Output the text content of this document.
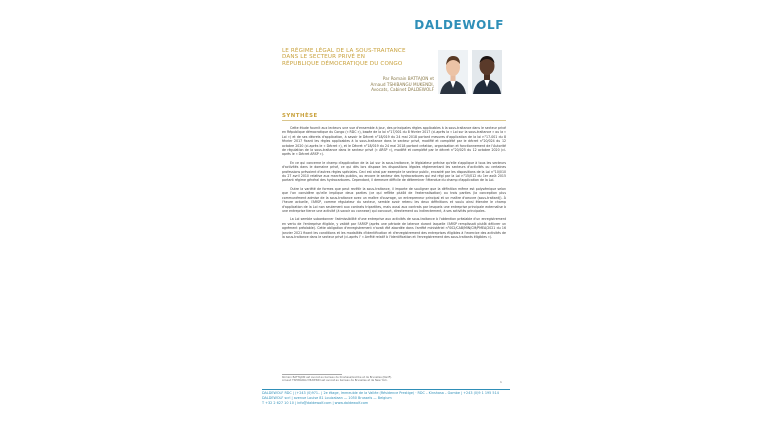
DALDEWOLF
LE RÉGIME LÉGAL DE LA SOUS-TRAITANCE
DANS LE SECTEUR PRIVÉ EN
RÉPUBLIQUE DÉMOCRATIQUE DU CONGO
Par Romain BATTAJON et
Arnaud TSHIBANGU MUKENDI,
Avocats, Cabinet DALDEWOLF
SYNTHÈSE

Cette étude fournit aux lecteurs une vue d'ensemble à jour, des principales règles applicables à la sous-traitance dans le secteur privé en République démocratique du Congo (« RDC »), basée de la loi n°17/001 du 8 février 2017 (ci-après la « Loi sur la sous-traitance » ou la « Loi ») et de ses décrets d'application, à savoir le Décret n°18/019 du 24 mai 2018 portant mesures d'application de la loi n°17-001 du 8 février 2017 fixant les règles applicables à la sous-traitance dans le secteur privé, modifié et complété par le décret n°20/024 du 12 octobre 2020 (ci-après le « Décret »), et le Décret n°18/019 du 24 mai 2018 portant création, organisation et fonctionnement de l'Autorité de régulation de la sous-traitance dans le secteur privé (« ARSP »), modifié et complété par le décret n°20/025 du 12 octobre 2020 (ci-après le « Décret ARSP »).

En ce qui concerne le champ d'application de la Loi sur la sous-traitance, le législateur précise qu'elle s'applique à tous les secteurs d'activités dans le domaine privé, ce qui dès lors dispose les dispositions légales réglementant les secteurs d'activités ou certaines professions prévoient d'autres règles spéciales. Ceci est ainsi par exemple le secteur public, encadré par les dispositions de la Loi n°10/010 du 27 avril 2010 relative aux marchés publics, ou encore le secteur des hydrocarbures qui est régi par la Loi n°15/012 du 1er août 2015 portant régime général des hydrocarbures. Cependant, il demeure difficile de déterminer l'étendue du champ d'application de la Loi.

Outre la variété de formes que peut revêtir la sous-traitance, il importe de souligner que la définition même est polysémique selon que l'on considère qu'elle implique deux parties (ce qui reflète plutôt de l'externalisation) ou trois parties (la conception plus communément admise de la sous-traitance avec un maître d'ouvrage, un entrepreneur principal et un maître d'oeuvre (sous-traitant)). À l'heure actuelle, l'ARSP, comme régulateur du secteur, semble avoir retenu les deux définitions et voulu ainsi étendre le champ d'application de la Loi non seulement aux contrats tripartites, mais aussi aux contrats par lesquels une entreprise principale externalise à une entreprise tierce une activité (à savoir ou connexe) qui concourt, directement ou indirectement, à ses activités principales.

La Loi semble subordonner l'admissibilité d'une entreprise aux activités de sous-traitance à l'obtention préalable d'un enregistrement en vertu de l'entreprise éligible, y validé par l'ARSP (après une période de latence durant laquelle l'ARSP remplissait plutôt délivrer un agrément préalable). Cette obligation d'enregistrement n'avait été abordée dans l'arrêté ministériel n°002/CAB/MIN/CM/PMEA/2021 du 16 janvier 2021 fixant les conditions et les modalités d'identification et d'enregistrement des entreprises éligibles à l'exercice des activités de la sous-traitance dans le secteur privé (ci-après l' « Arrêté relatif à l'identification et l'enregistrement des sous-traitants éligibles »).

Romain BATTAJON est avocat au barreau de Kinshasa/Gombe et de Bruxelles (NedF).
Arnaud TSHIBANGU MUKENDI est avocat au barreau de Bruxelles et de New York.	1
DALDEWOLF RDC | (+243 (0)971.. | 2e étage, Immeuble de la Vallée (Résidence Prestige) · RDC – Kinshasa – Gombe | +243 (0)9 1 195 514
DALDEWOLF scrl | avenue Louise 81 Louizalaan — 1050 Brussels — Belgium
T +32 2 627 10 10 | info@daldewolf.com | www.daldewolf.com
